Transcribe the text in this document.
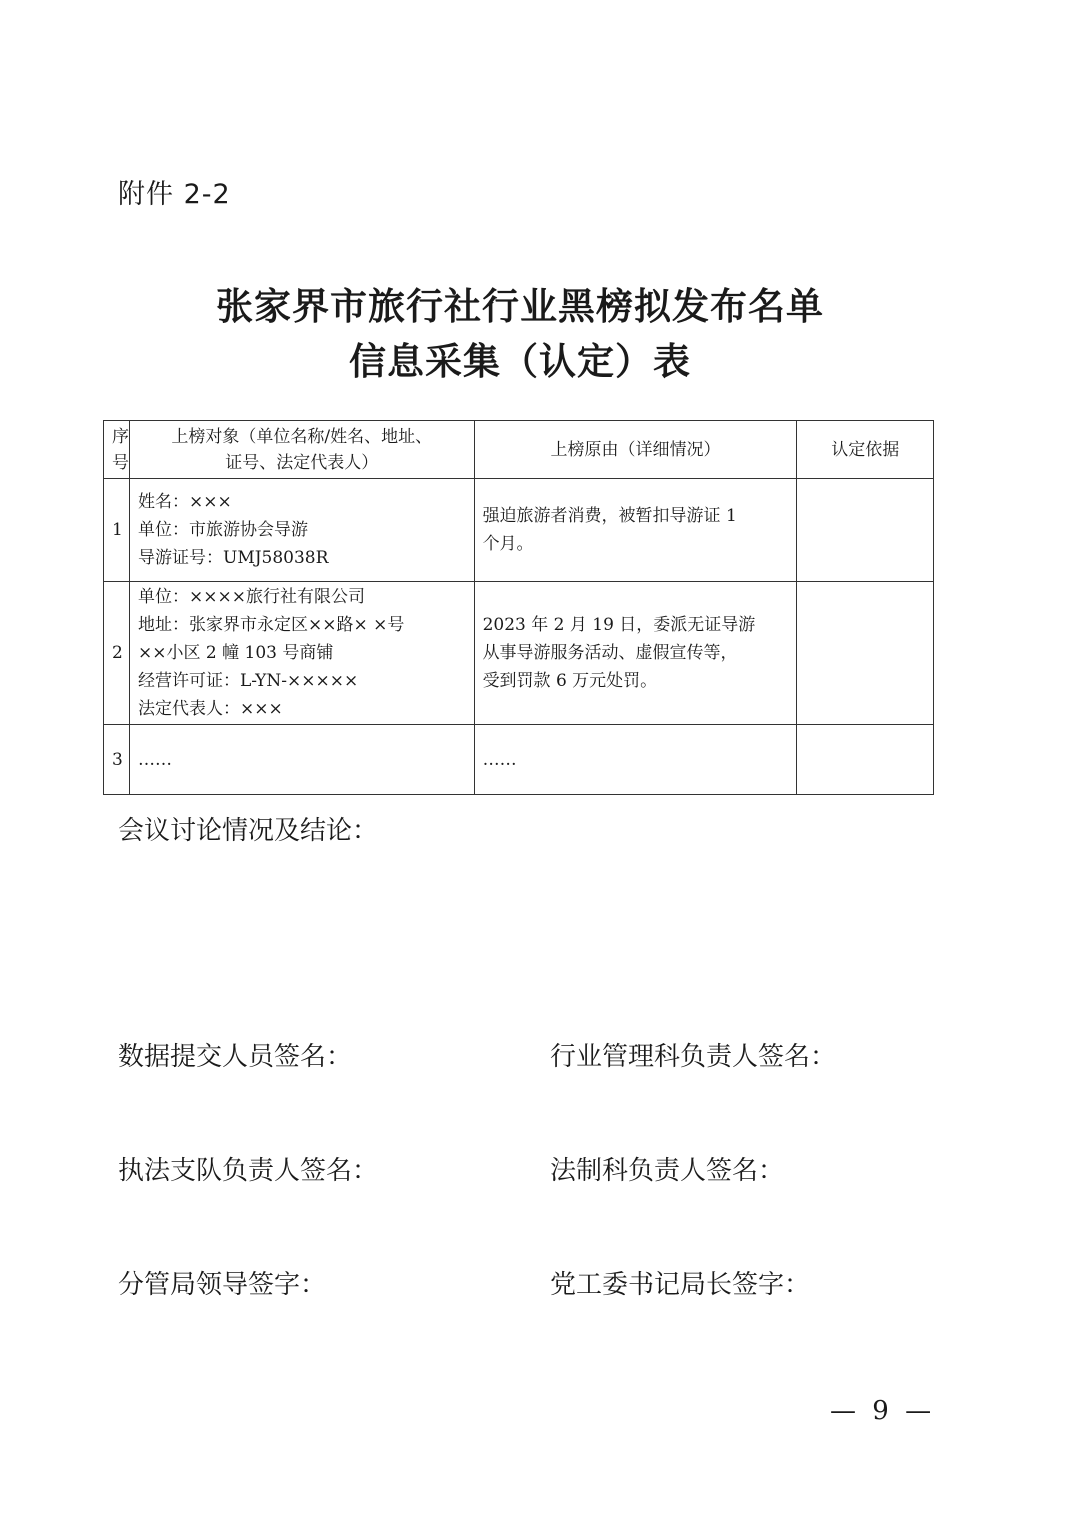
附件 2-2
张家界市旅行社行业黑榜拟发布名单
信息采集（认定）表
序
号	上榜对象（单位名称/姓名、地址、
证号、法定代表人）	上榜原由（详细情况）	认定依据
1	姓名：×××
单位：市旅游协会导游
导游证号：UMJ58038R	强迫旅游者消费，被暂扣导游证 1
个月。	

2	单位：××××旅行社有限公司
地址：张家界市永定区××路× ×号
××小区 2 幢 103 号商铺
经营许可证：L-YN-×××××
法定代表人：×××	2023 年 2 月 19 日，委派无证导游
从事导游服务活动、虚假宣传等，
受到罚款 6 万元处罚。	

3	……	……	

会议讨论情况及结论：
数据提交人员签名：	行业管理科负责人签名：
执法支队负责人签名：	法制科负责人签名：
分管局领导签字：	党工委书记局长签字：
— 9 —
